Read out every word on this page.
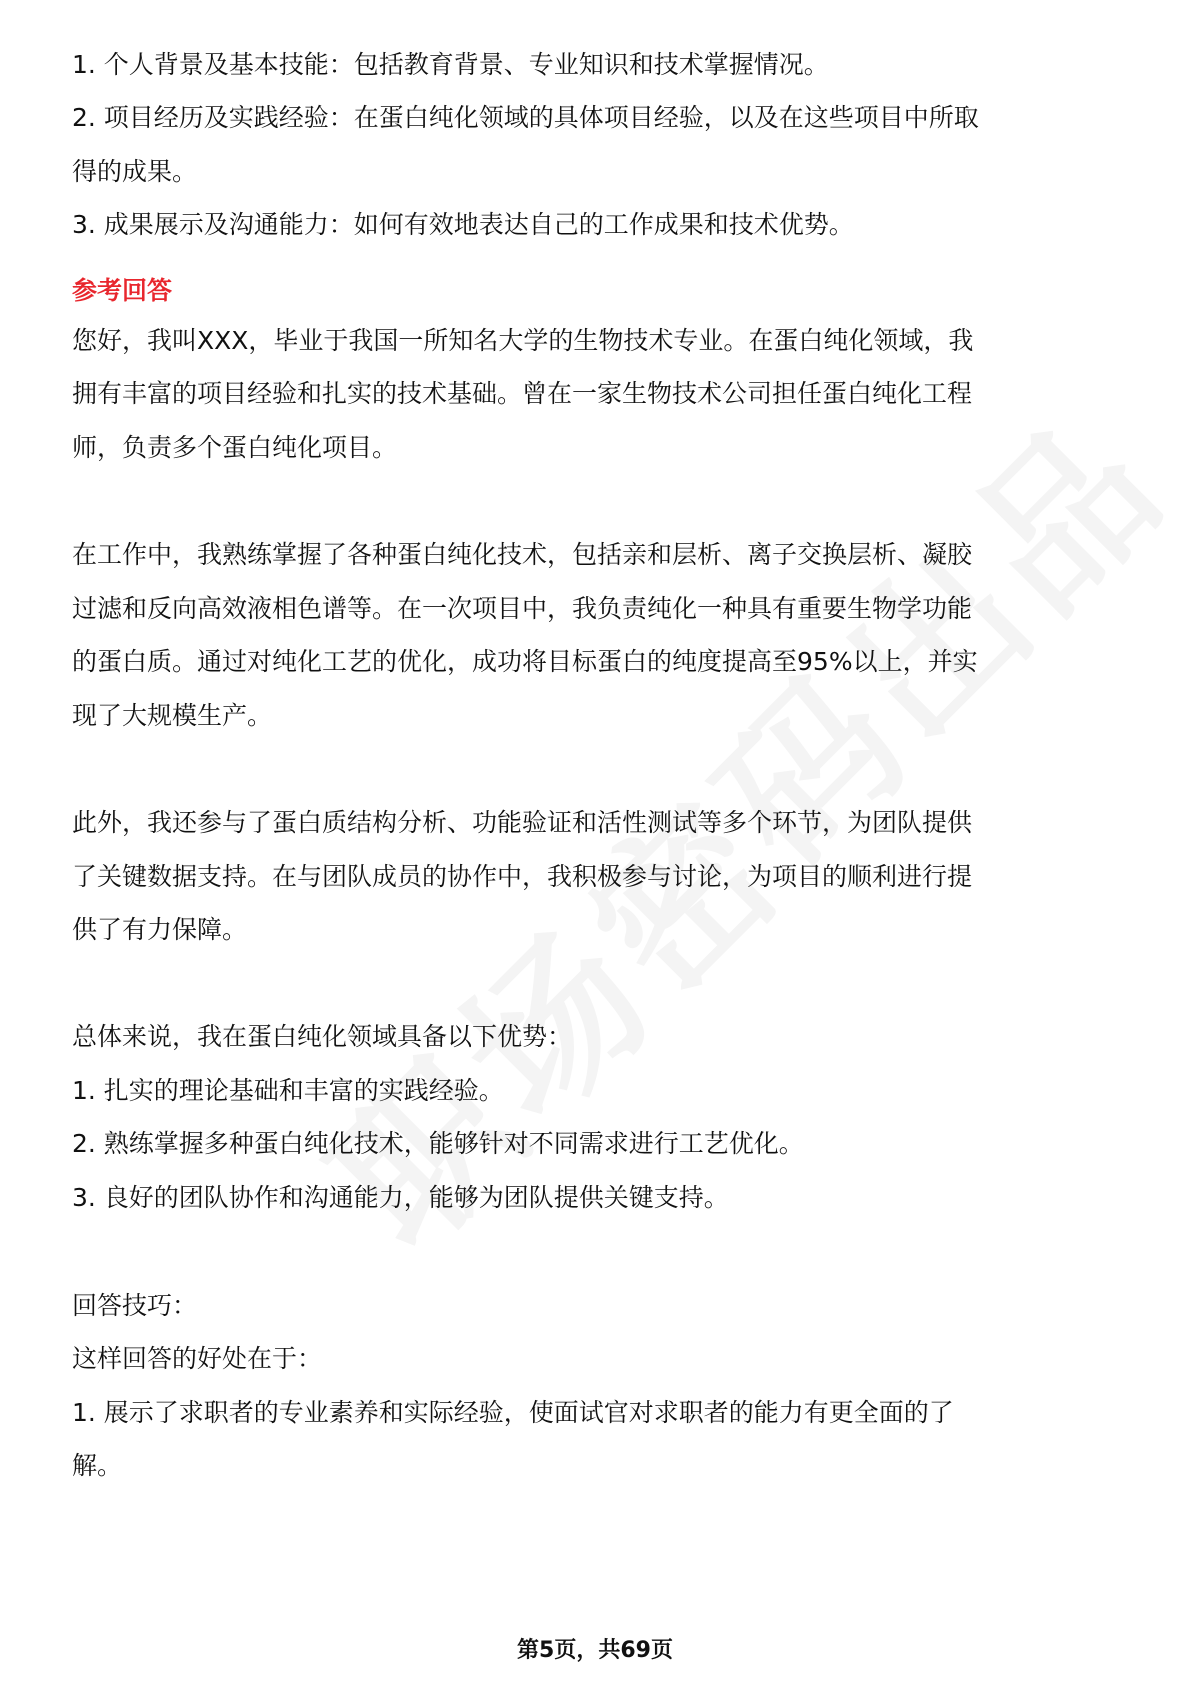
1. 个人背景及基本技能：包括教育背景、专业知识和技术掌握情况。
2. 项目经历及实践经验：在蛋白纯化领域的具体项目经验，以及在这些项目中所取
得的成果。
3. 成果展示及沟通能力：如何有效地表达自己的工作成果和技术优势。
参考回答
您好，我叫XXX，毕业于我国一所知名大学的生物技术专业。在蛋白纯化领域，我
拥有丰富的项目经验和扎实的技术基础。曾在一家生物技术公司担任蛋白纯化工程
师，负责多个蛋白纯化项目。
在工作中，我熟练掌握了各种蛋白纯化技术，包括亲和层析、离子交换层析、凝胶
过滤和反向高效液相色谱等。在一次项目中，我负责纯化一种具有重要生物学功能
的蛋白质。通过对纯化工艺的优化，成功将目标蛋白的纯度提高至95%以上，并实
现了大规模生产。
此外，我还参与了蛋白质结构分析、功能验证和活性测试等多个环节，为团队提供
了关键数据支持。在与团队成员的协作中，我积极参与讨论，为项目的顺利进行提
供了有力保障。
总体来说，我在蛋白纯化领域具备以下优势：
1. 扎实的理论基础和丰富的实践经验。
2. 熟练掌握多种蛋白纯化技术，能够针对不同需求进行工艺优化。
3. 良好的团队协作和沟通能力，能够为团队提供关键支持。
回答技巧：
这样回答的好处在于：
1. 展示了求职者的专业素养和实际经验，使面试官对求职者的能力有更全面的了
解。
第5页，共69页
